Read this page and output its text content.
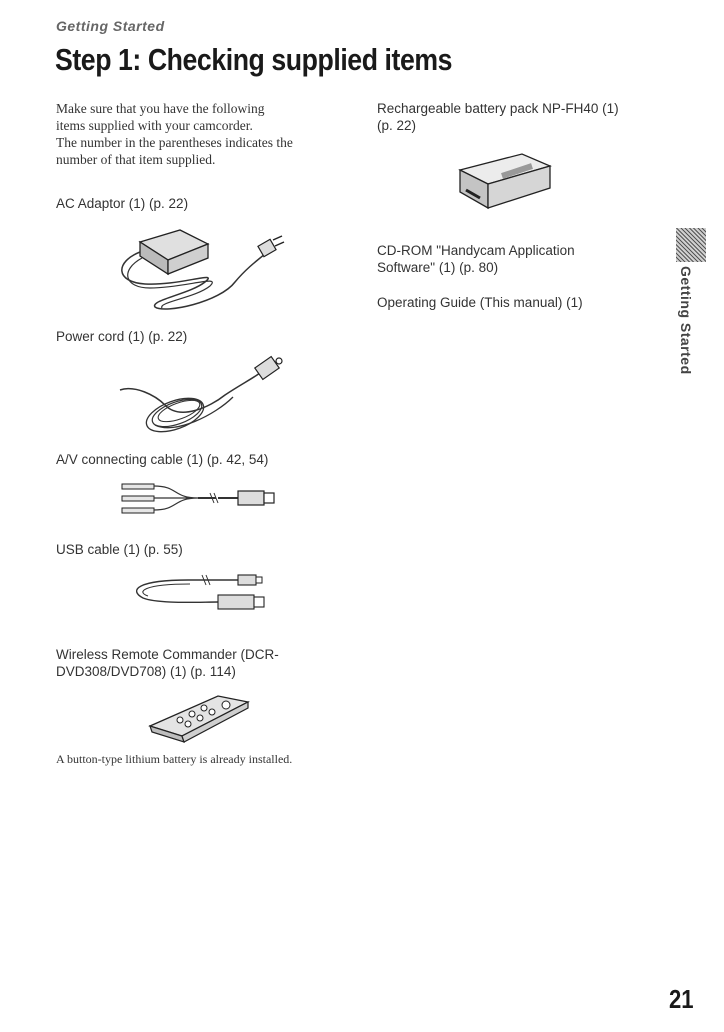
Getting Started
Step 1: Checking supplied items
Make sure that you have the following
items supplied with your camcorder.
The number in the parentheses indicates the
number of that item supplied.
AC Adaptor (1) (p. 22)
Power cord (1) (p. 22)
A/V connecting cable (1) (p. 42, 54)
USB cable (1) (p. 55)
Wireless Remote Commander (DCR-
DVD308/DVD708) (1) (p. 114)
A button-type lithium battery is already installed.
Rechargeable battery pack NP-FH40 (1)
(p. 22)
CD-ROM "Handycam Application
Software" (1) (p. 80)
Operating Guide (This manual) (1)	Getting Started
21
